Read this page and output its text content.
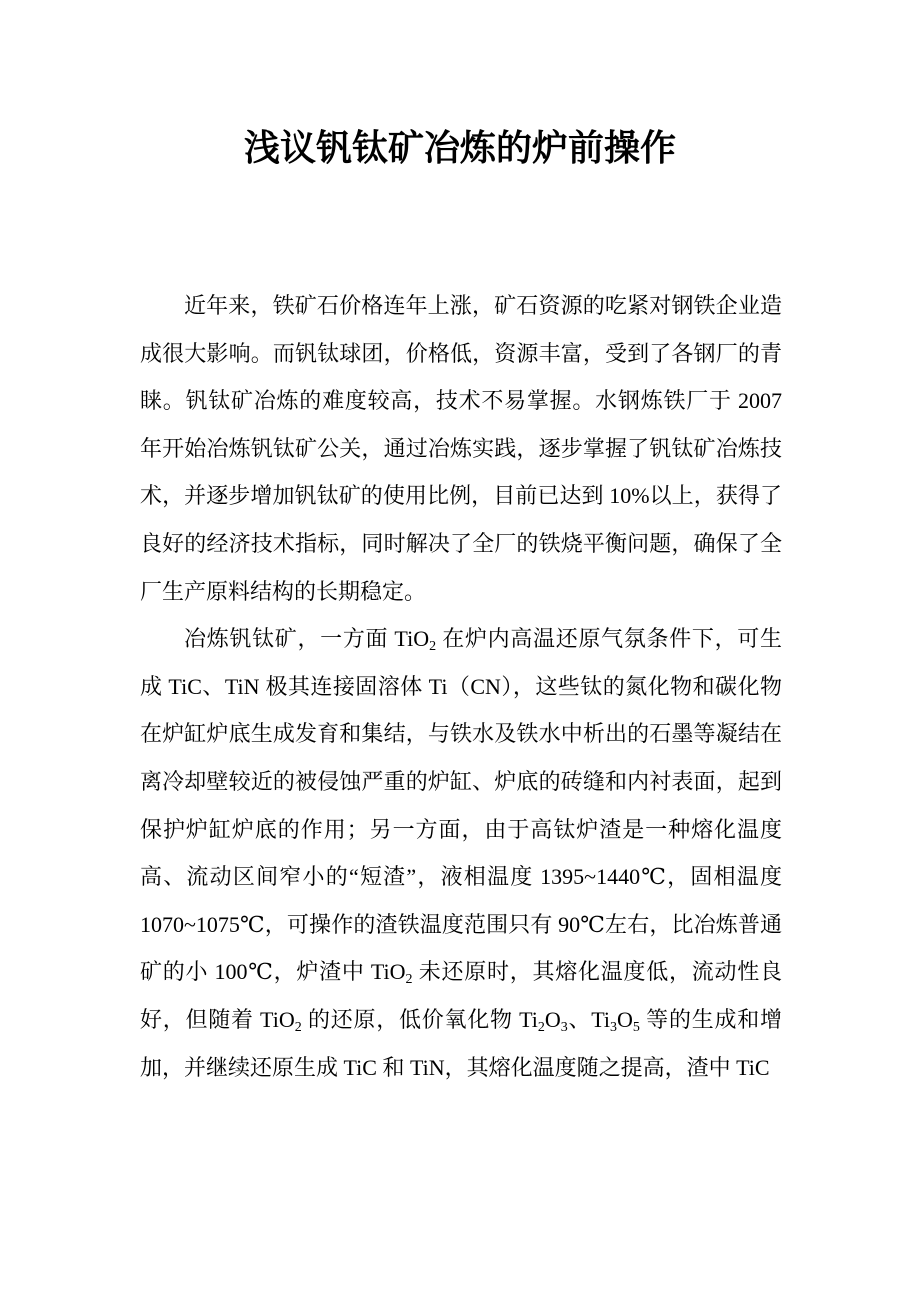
浅议钒钛矿冶炼的炉前操作

近年来，铁矿石价格连年上涨，矿石资源的吃紧对钢铁企业造成很大影响。而钒钛球团，价格低，资源丰富，受到了各钢厂的青睐。钒钛矿冶炼的难度较高，技术不易掌握。水钢炼铁厂于 2007 年开始冶炼钒钛矿公关，通过冶炼实践，逐步掌握了钒钛矿冶炼技术，并逐步增加钒钛矿的使用比例，目前已达到 10%以上，获得了良好的经济技术指标，同时解决了全厂的铁烧平衡问题，确保了全厂生产原料结构的长期稳定。

冶炼钒钛矿，一方面 TiO$_2$ 在炉内高温还原气氛条件下，可生成 TiC、TiN 极其连接固溶体 Ti（CN），这些钛的氮化物和碳化物在炉缸炉底生成发育和集结，与铁水及铁水中析出的石墨等凝结在离冷却壁较近的被侵蚀严重的炉缸、炉底的砖缝和内衬表面，起到保护炉缸炉底的作用；另一方面，由于高钛炉渣是一种熔化温度高、流动区间窄小的“短渣”，液相温度 1395~1440℃，固相温度 1070~1075℃，可操作的渣铁温度范围只有 90℃左右，比冶炼普通矿的小 100℃，炉渣中 TiO$_2$ 未还原时，其熔化温度低，流动性良好，但随着 TiO$_2$ 的还原，低价氧化物 $Ti_2O_3$、$Ti_3O_5$ 等的生成和增加，并继续还原生成 TiC 和 TiN，其熔化温度随之提高，渣中 TiC
